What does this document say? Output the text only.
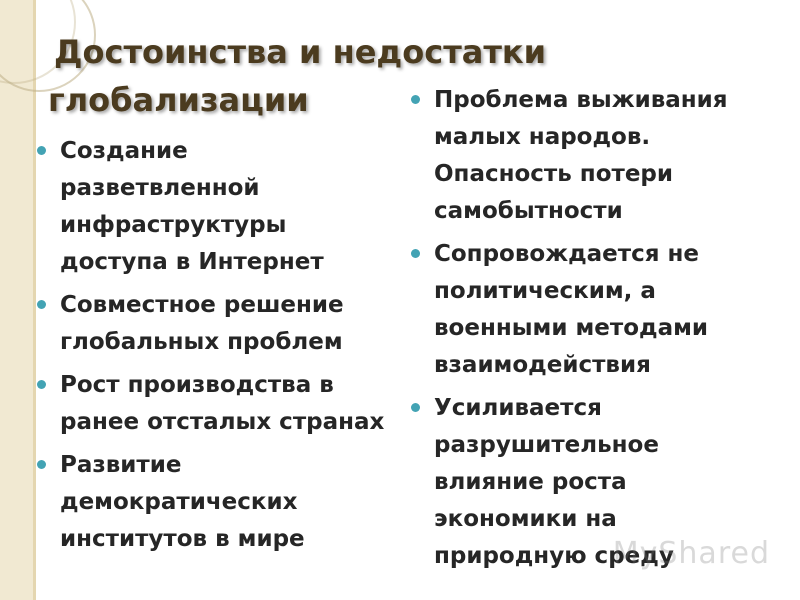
Достоинства и недостатки
глобализации
Создание
разветвленной
инфраструктуры
доступа в Интернет
Совместное решение
глобальных проблем
Рост производства в
ранее отсталых странах
Развитие
демократических
институтов в мире
Проблема выживания
малых народов.
Опасность потери
самобытности
Сопровождается не
политическим, а
военными методами
взаимодействия
Усиливается
разрушительное
влияние роста
экономики на
природную среду
MyShared
